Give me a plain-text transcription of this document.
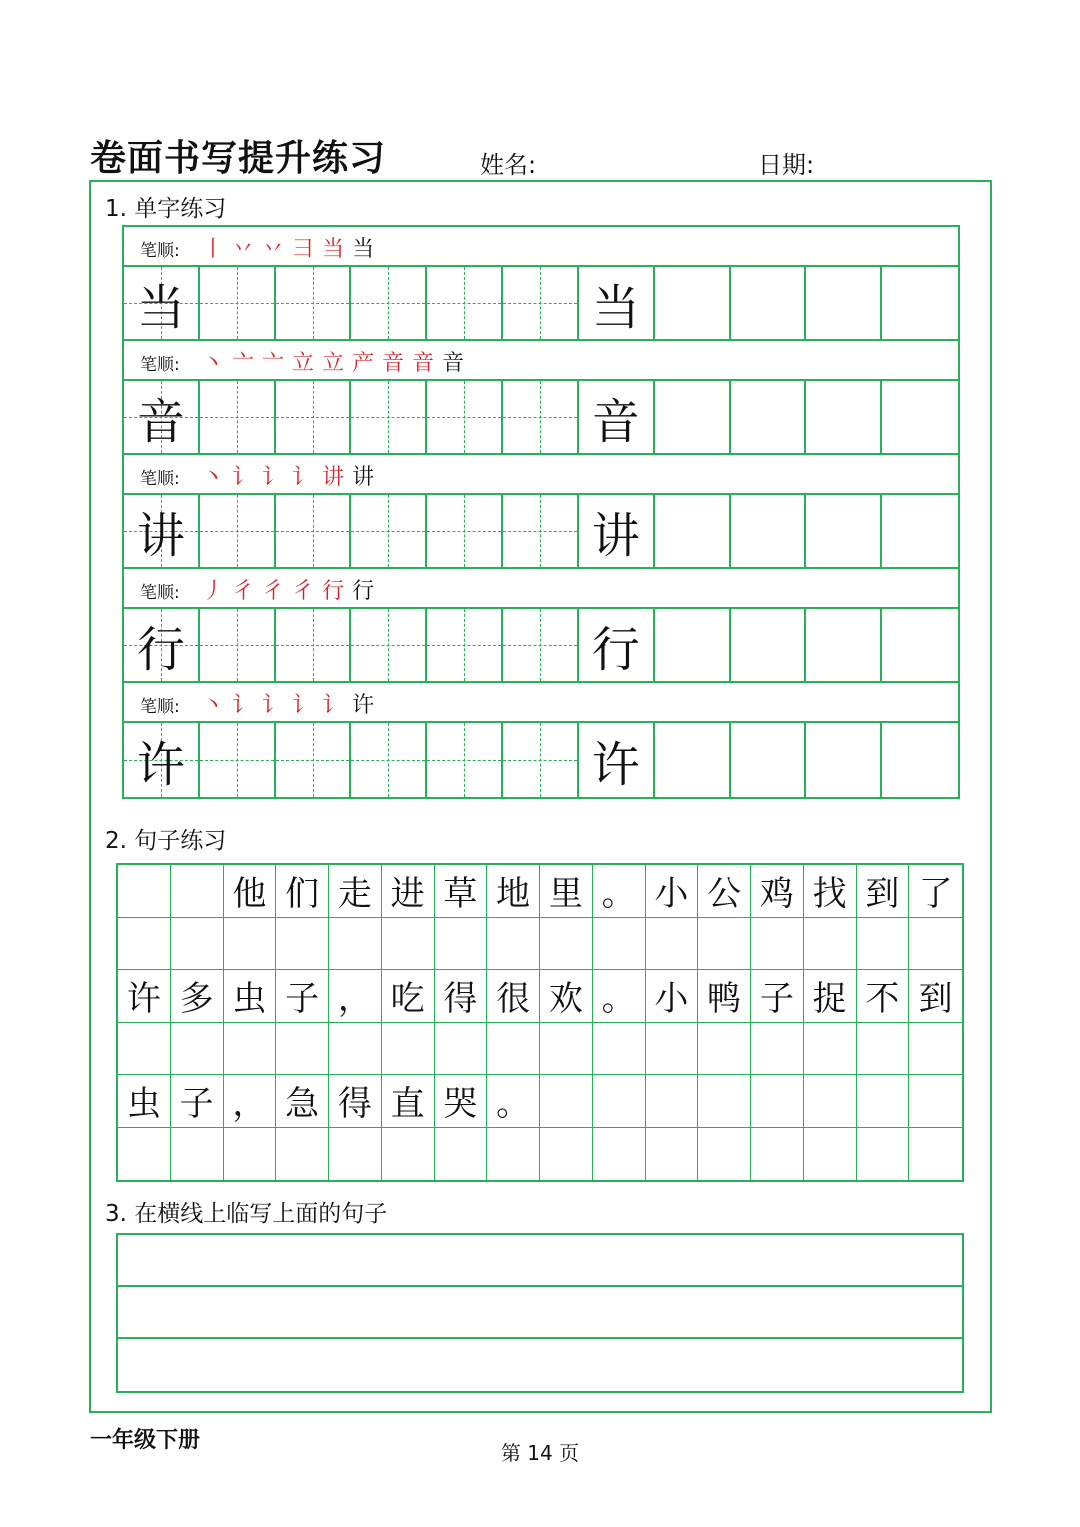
卷面书写提升练习	姓名:	日期:
1. 单字练习
笔顺: 丨 丷 丷 彐 当 当
当	当
笔顺: 丶 亠 亠 立 立 产 音 音 音
音	音
笔顺: 丶 讠 讠 讠 讲 讲
讲	讲
笔顺: 丿 彳 彳 彳 行 行
行	行
笔顺: 丶 讠 讠 讠 讠 许
许	许
2. 句子练习
他 们 走 进 草 地 里 。 小 公 鸡 找 到 了
许 多 虫 子 ， 吃 得 很 欢 。 小 鸭 子 捉 不 到
虫 子 ， 急 得 直 哭 。
3. 在横线上临写上面的句子
一年级下册	第 14 页
